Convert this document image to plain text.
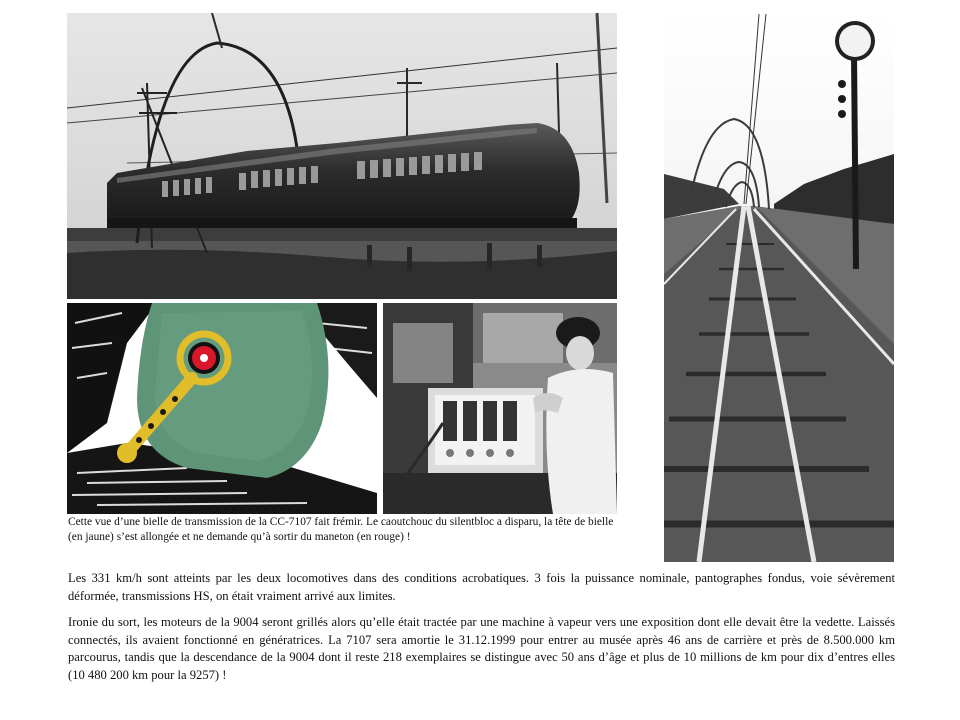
Cette vue d’une bielle de transmission de la CC-7107 fait frémir. Le caoutchouc du silentbloc a disparu, la tête de bielle (en jaune) s’est allongée et ne demande qu’à sortir du maneton (en rouge) !

Les 331 km/h sont atteints par les deux locomotives dans des conditions acrobatiques. 3 fois la puissance nominale, pantographes fondus, voie sévèrement déformée, transmissions HS, on était vraiment arrivé aux limites.

Ironie du sort, les moteurs de la 9004 seront grillés alors qu’elle était tractée par une machine à vapeur vers une exposition dont elle devait être la vedette. Laissés connectés, ils avaient fonctionné en génératrices. La 7107 sera amortie le 31.12.1999 pour entrer au musée après 46 ans de carrière et près de 8.500.000 km parcourus, tandis que la descendance de la 9004 dont il reste 218 exemplaires se distingue avec 50 ans d’âge et plus de 10 millions de km pour dix d’entres elles (10 480 200 km pour la 9257) !
